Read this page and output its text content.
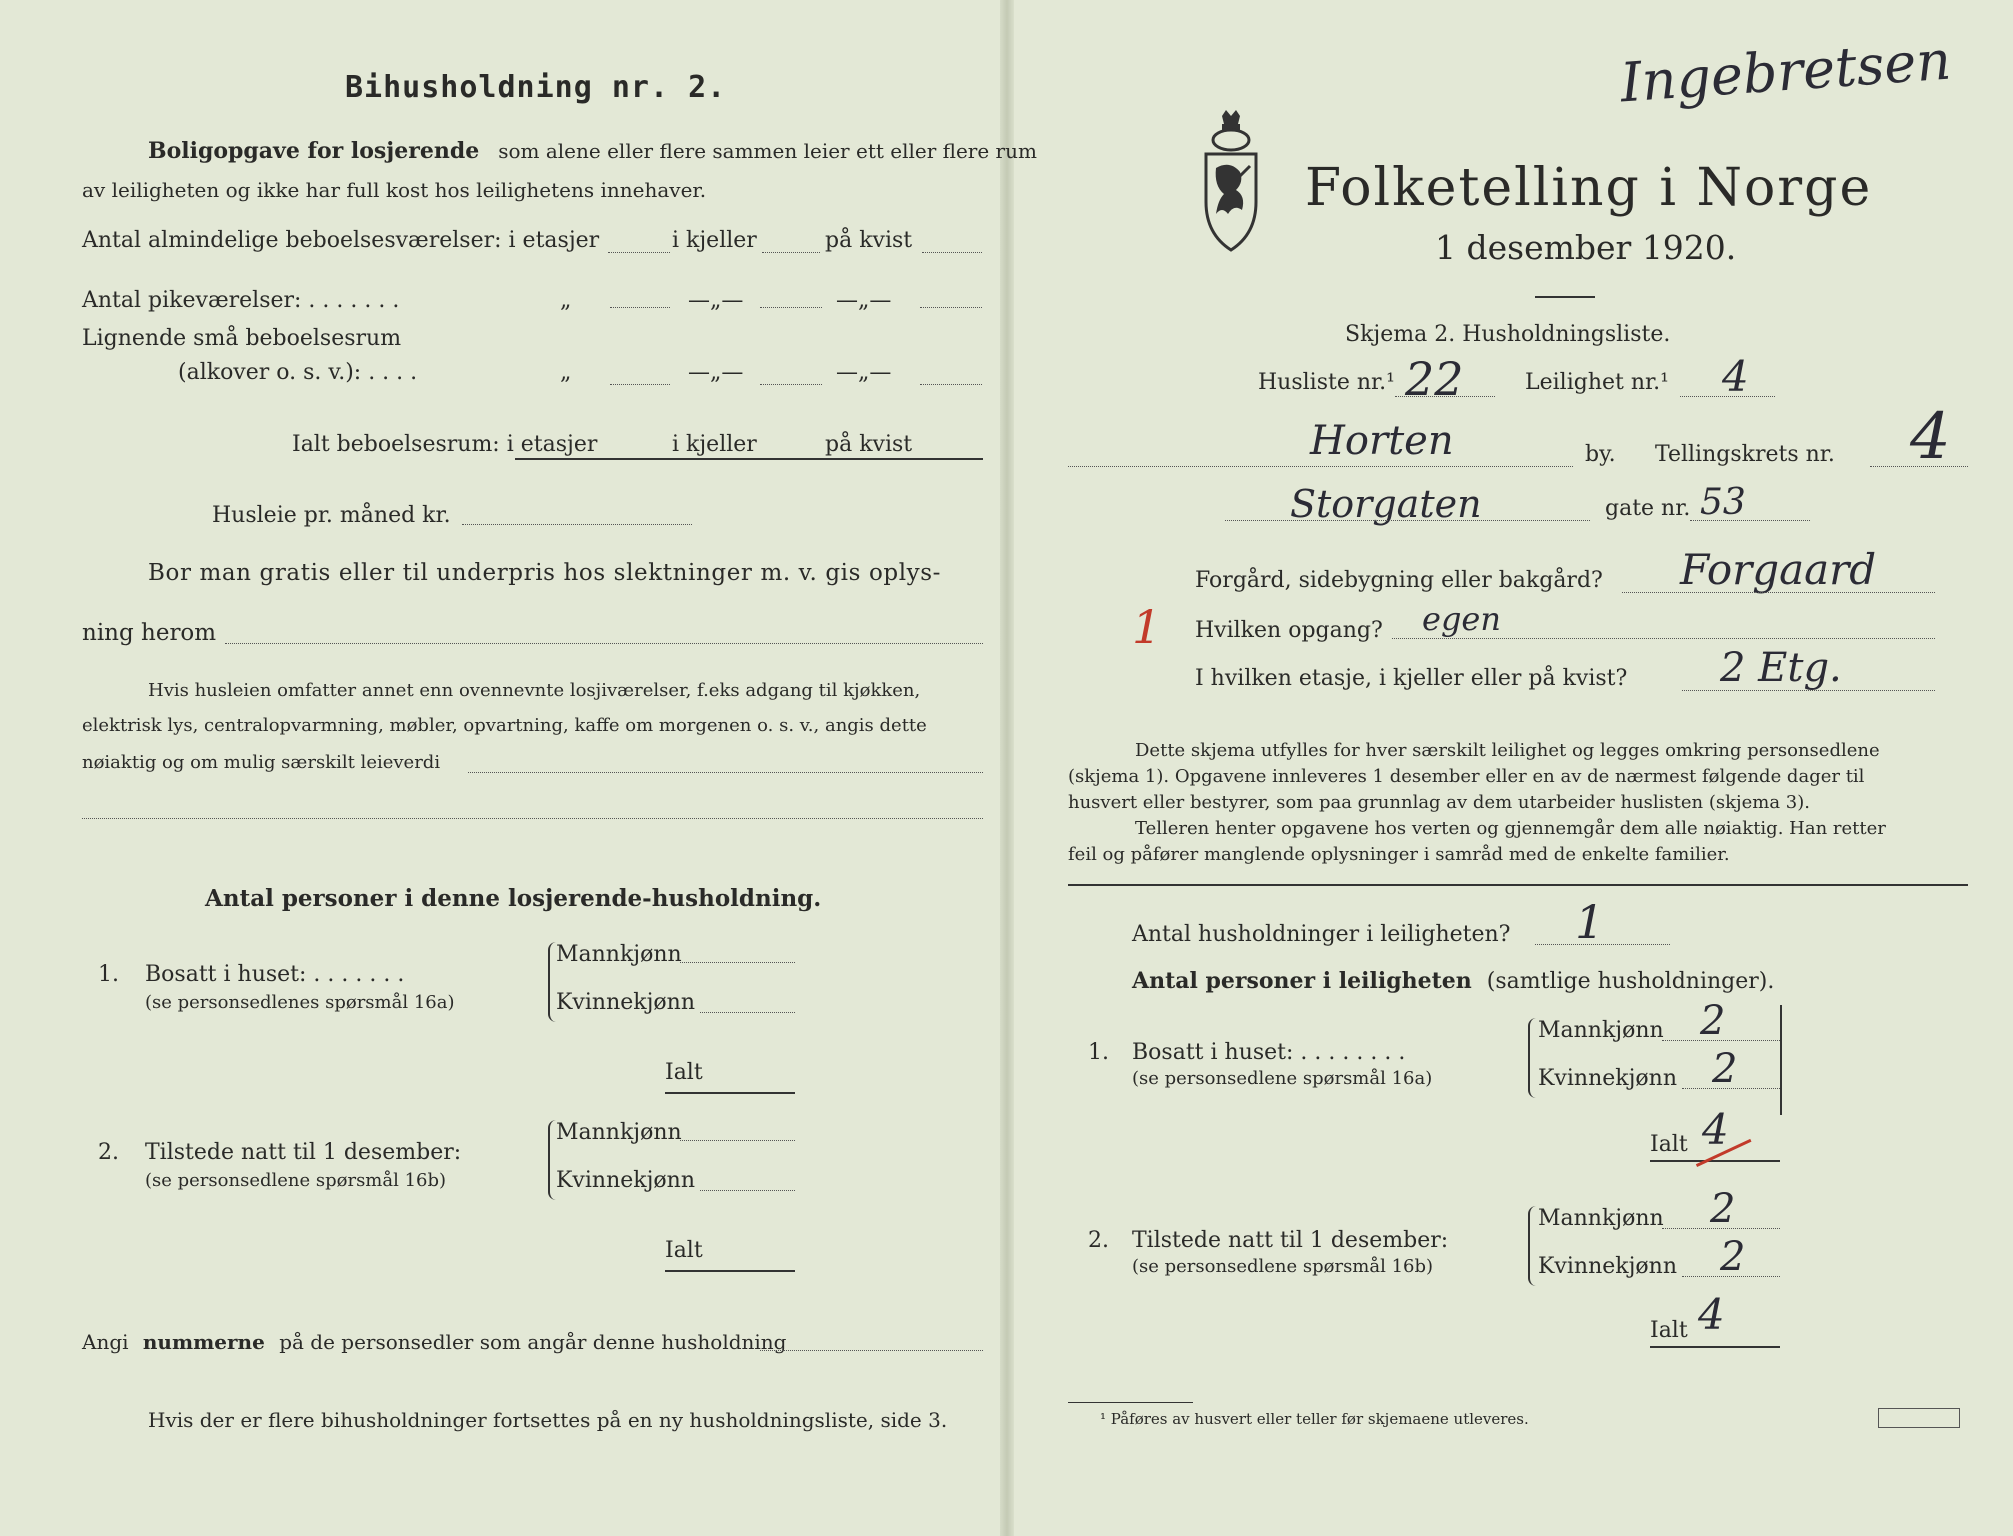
Bihusholdning nr. 2.
Boligopgave for losjerende som alene eller flere sammen leier ett eller flere rum
av leiligheten og ikke har full kost hos leilighetens innehaver.
Antal almindelige beboelsesværelser: i etasjer	i kjeller	på kvist
Antal pikeværelser: . . . . . . .	„	—„—	—„—
Lignende små beboelsesrum
(alkover o. s. v.): . . . .	„	—„—	—„—
Ialt beboelsesrum: i etasjer	i kjeller	på kvist
Husleie pr. måned kr.
Bor man gratis eller til underpris hos slektninger m. v. gis oplys-
ning herom
Hvis husleien omfatter annet enn ovennevnte losjiværelser, f.eks adgang til kjøkken,
elektrisk lys, centralopvarmning, møbler, opvartning, kaffe om morgenen o. s. v., angis dette
nøiaktig og om mulig særskilt leieverdi
Antal personer i denne losjerende-husholdning.
1. Bosatt i huset: . . . . . . .
(se personsedlenes spørsmål 16a)
Mannkjønn
Kvinnekjønn
Ialt
2. Tilstede natt til 1 desember:
(se personsedlene spørsmål 16b)
Mannkjønn
Kvinnekjønn
Ialt
Angi nummerne på de personsedler som angår denne husholdning
Hvis der er flere bihusholdninger fortsettes på en ny husholdningsliste, side 3.
Ingebretsen
Folketelling i Norge
1 desember 1920.
Skjema 2. Husholdningsliste.
Husliste nr.¹ 22	Leilighet nr.¹ 4
Horten	by. Tellingskrets nr. 4
Storgaten	gate nr. 53
Forgård, sidebygning eller bakgård? Forgaard
1 Hvilken opgang? egen
I hvilken etasje, i kjeller eller på kvist? 2 Etg.
Dette skjema utfylles for hver særskilt leilighet og legges omkring personsedlene
(skjema 1). Opgavene innleveres 1 desember eller en av de nærmest følgende dager til
husvert eller bestyrer, som paa grunnlag av dem utarbeider huslisten (skjema 3).
Telleren henter opgavene hos verten og gjennemgår dem alle nøiaktig. Han retter
feil og påfører manglende oplysninger i samråd med de enkelte familier.
Antal husholdninger i leiligheten? 1
Antal personer i leiligheten (samtlige husholdninger).
1. Bosatt i huset: . . . . . . . .
(se personsedlene spørsmål 16a)
Mannkjønn 2
Kvinnekjønn 2
Ialt 4
2. Tilstede natt til 1 desember:
(se personsedlene spørsmål 16b)
Mannkjønn 2
Kvinnekjønn 2
Ialt 4
¹ Påføres av husvert eller teller før skjemaene utleveres.
